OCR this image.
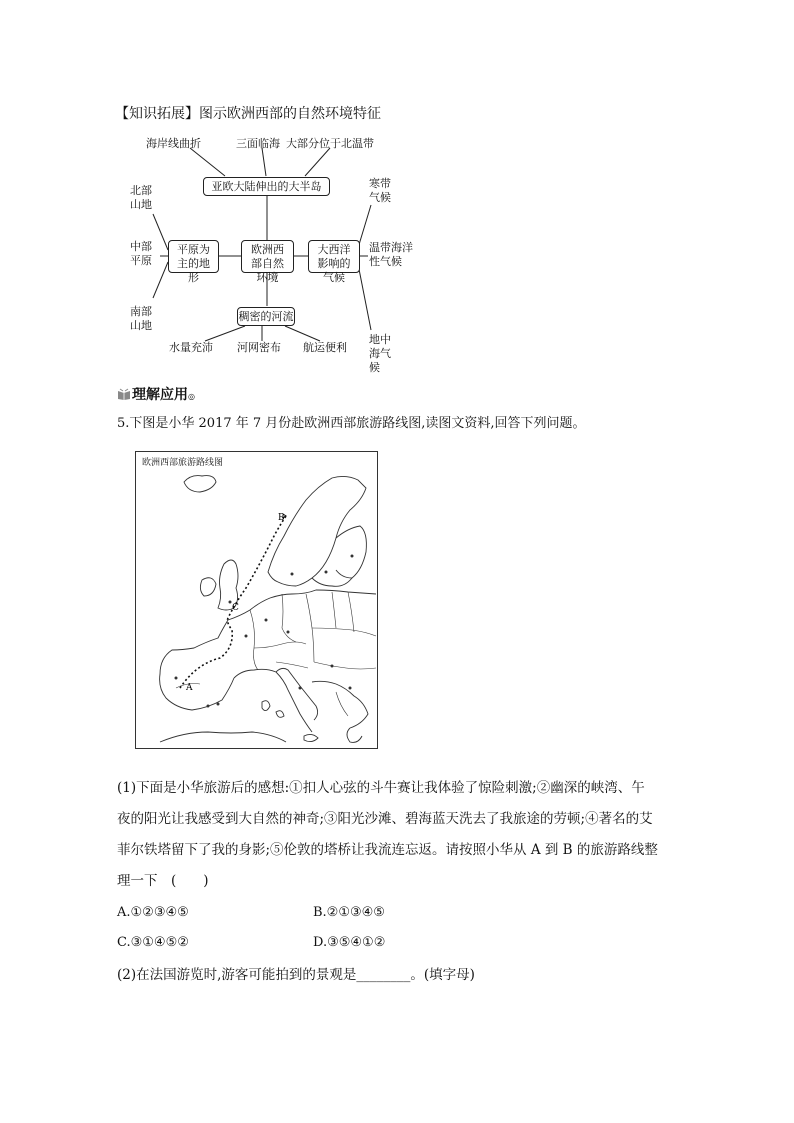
【知识拓展】图示欧洲西部的自然环境特征
海岸线曲折	三面临海 大部分位于北温带
亚欧大陆伸出的大半岛
欧洲西部自然环境
平原为主的地形
大西洋影响的气候
稠密的河流
北部山地
中部平原
南部山地
寒带气候
温带海洋性气候
地中海气候
水量充沛 河网密布 航运便利
理解应用◎
5.下图是小华 2017 年 7 月份赴欧洲西部旅游路线图,读图文资料,回答下列问题。
欧洲西部旅游路线图
A
B
C
(1)下面是小华旅游后的感想:①扣人心弦的斗牛赛让我体验了惊险刺激;②幽深的峡湾、午
夜的阳光让我感受到大自然的神奇;③阳光沙滩、碧海蓝天洗去了我旅途的劳顿;④著名的艾
菲尔铁塔留下了我的身影;⑤伦敦的塔桥让我流连忘返。请按照小华从 A 到 B 的旅游路线整
理一下　(　　)
A.①②③④⑤	B.②①③④⑤
C.③①④⑤②	D.③⑤④①②
(2)在法国游览时,游客可能拍到的景观是________。(填字母)
